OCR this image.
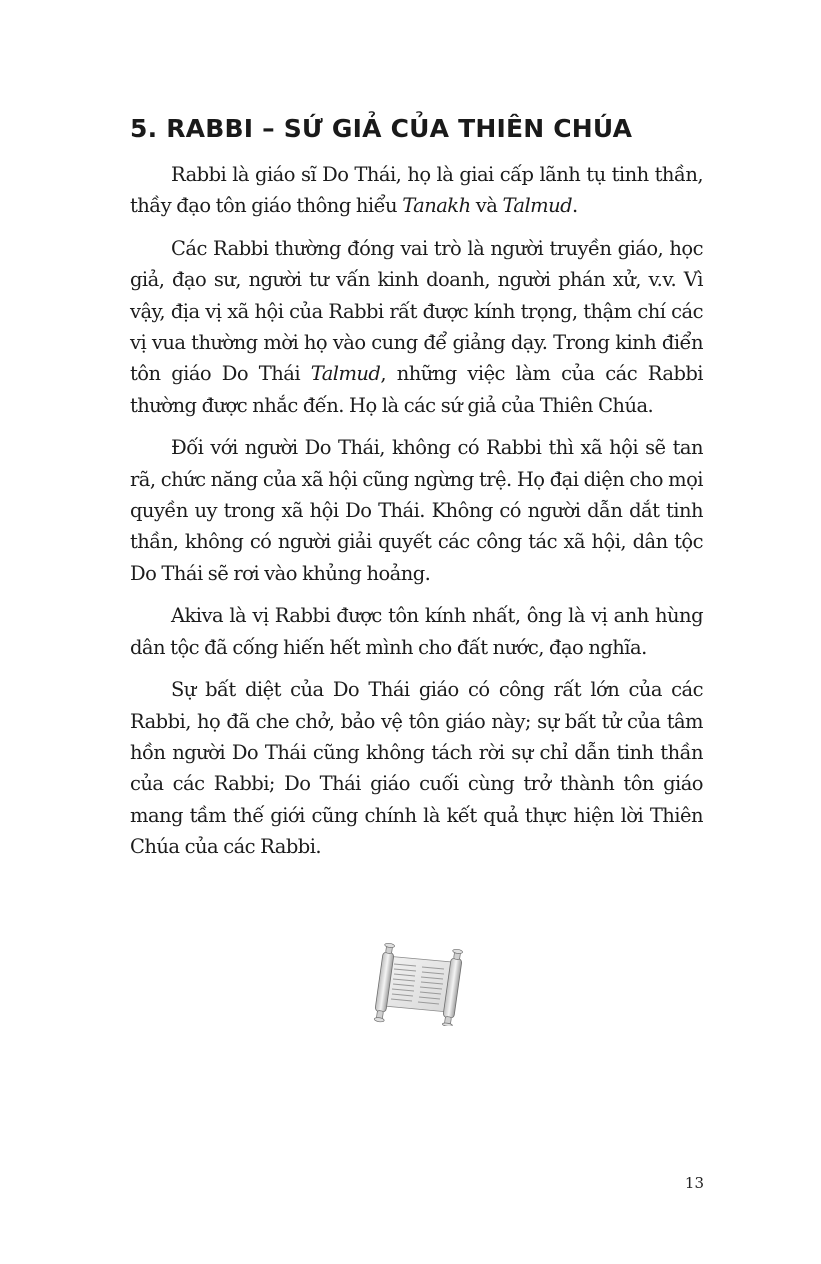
5. RABBI – SỨ GIẢ CỦA THIÊN CHÚA

Rabbi là giáo sĩ Do Thái, họ là giai cấp lãnh tụ tinh thần, thầy đạo tôn giáo thông hiểu Tanakh và Talmud.

Các Rabbi thường đóng vai trò là người truyền giáo, học giả, đạo sư, người tư vấn kinh doanh, người phán xử, v.v. Vì vậy, địa vị xã hội của Rabbi rất được kính trọng, thậm chí các vị vua thường mời họ vào cung để giảng dạy. Trong kinh điển tôn giáo Do Thái Talmud, những việc làm của các Rabbi thường được nhắc đến. Họ là các sứ giả của Thiên Chúa.

Đối với người Do Thái, không có Rabbi thì xã hội sẽ tan rã, chức năng của xã hội cũng ngừng trệ. Họ đại diện cho mọi quyền uy trong xã hội Do Thái. Không có người dẫn dắt tinh thần, không có người giải quyết các công tác xã hội, dân tộc Do Thái sẽ rơi vào khủng hoảng.

Akiva là vị Rabbi được tôn kính nhất, ông là vị anh hùng dân tộc đã cống hiến hết mình cho đất nước, đạo nghĩa.

Sự bất diệt của Do Thái giáo có công rất lớn của các Rabbi, họ đã che chở, bảo vệ tôn giáo này; sự bất tử của tâm hồn người Do Thái cũng không tách rời sự chỉ dẫn tinh thần của các Rabbi; Do Thái giáo cuối cùng trở thành tôn giáo mang tầm thế giới cũng chính là kết quả thực hiện lời Thiên Chúa của các Rabbi.

13
